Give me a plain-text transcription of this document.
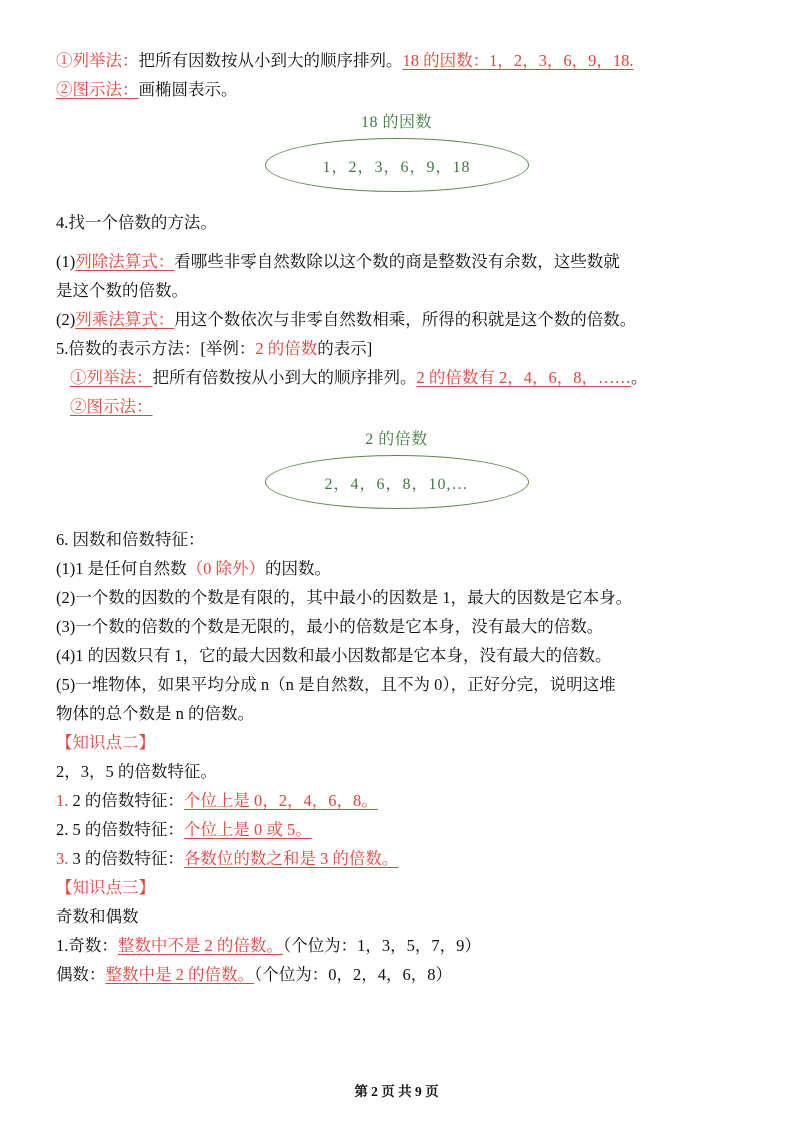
①列举法：把所有因数按从小到大的顺序排列。18 的因数：1，2，3，6，9，18.
②图示法：画椭圆表示。
18 的因数
1，2，3，6，9，18
4.找一个倍数的方法。
(1)列除法算式：看哪些非零自然数除以这个数的商是整数没有余数，这些数就
是这个数的倍数。
(2)列乘法算式：用这个数依次与非零自然数相乘，所得的积就是这个数的倍数。
5.倍数的表示方法：[举例：2 的倍数的表示]
①列举法：把所有倍数按从小到大的顺序排列。2 的倍数有 2，4，6，8，……。
②图示法：
2 的倍数
2，4，6，8，10,…
6. 因数和倍数特征：
(1)1 是任何自然数（0 除外）的因数。
(2)一个数的因数的个数是有限的，其中最小的因数是 1，最大的因数是它本身。
(3)一个数的倍数的个数是无限的，最小的倍数是它本身，没有最大的倍数。
(4)1 的因数只有 1，它的最大因数和最小因数都是它本身，没有最大的倍数。
(5)一堆物体，如果平均分成 n（n 是自然数，且不为 0），正好分完，说明这堆
物体的总个数是 n 的倍数。
【知识点二】
2，3，5 的倍数特征。
1. 2 的倍数特征：个位上是 0，2，4，6，8。
2. 5 的倍数特征：个位上是 0 或 5。
3. 3 的倍数特征：各数位的数之和是 3 的倍数。
【知识点三】
奇数和偶数
1.奇数：整数中不是 2 的倍数。（个位为：1，3，5，7，9）
偶数：整数中是 2 的倍数。（个位为：0，2，4，6，8）
第 2 页 共 9 页
